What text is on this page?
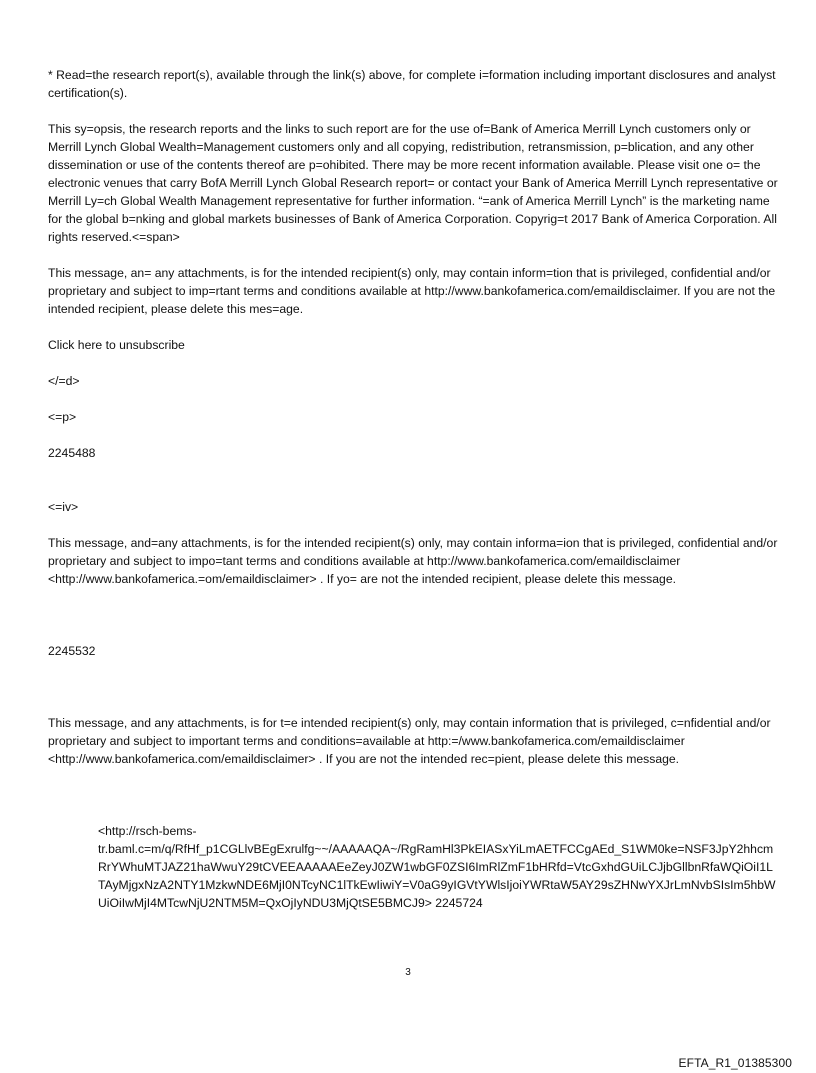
* Read=the research report(s), available through the link(s) above, for complete i=formation including important disclosures and analyst certification(s).

This sy=opsis, the research reports and the links to such report are for the use of=Bank of America Merrill Lynch customers only or Merrill Lynch Global Wealth=Management customers only and all copying, redistribution, retransmission, p=blication, and any other dissemination or use of the contents thereof are p=ohibited. There may be more recent information available. Please visit one o= the electronic venues that carry BofA Merrill Lynch Global Research report= or contact your Bank of America Merrill Lynch representative or Merrill Ly=ch Global Wealth Management representative for further information. “=ank of America Merrill Lynch” is the marketing name for the global b=nking and global markets businesses of Bank of America Corporation. Copyrig=t 2017 Bank of America Corporation. All rights reserved.<=span>

This message, an= any attachments, is for the intended recipient(s) only, may contain inform=tion that is privileged, confidential and/or proprietary and subject to imp=rtant terms and conditions available at http://www.bankofamerica.com/emaildisclaimer. If you are not the intended recipient, please delete this mes=age.

Click here to unsubscribe

</=d>

<=p>

2245488

<=iv>

This message, and=any attachments, is for the intended recipient(s) only, may contain informa=ion that is privileged, confidential and/or proprietary and subject to impo=tant terms and conditions available at http://www.bankofamerica.com/emaildisclaimer <http://www.bankofamerica.=om/emaildisclaimer> . If yo= are not the intended recipient, please delete this message.

2245532

This message, and any attachments, is for t=e intended recipient(s) only, may contain information that is privileged, c=nfidential and/or proprietary and subject to important terms and conditions=available at http:=/www.bankofamerica.com/emaildisclaimer <http://www.bankofamerica.com/emaildisclaimer> . If you are not the intended rec=pient, please delete this message.

<http://rsch-bems-tr.baml.c=m/q/RfHf_p1CGLlvBEgExrulfg~~/AAAAAQA~/RgRamHl3PkEIASxYiLmAETFCCgAEd_S1WM0ke=NSF3JpY2hhcmRrYWhuMTJAZ21haWwuY29tCVEEAAAAAEeZeyJ0ZW1wbGF0ZSI6ImRlZmF1bHRfd=VtcGxhdGUiLCJjbGllbnRfaWQiOiI1LTAyMjgxNzA2NTY1MzkwNDE6MjI0NTcyNC1lTkEwIiwiY=V0aG9yIGVtYWlsIjoiYWRtaW5AY29sZHNwYXJrLmNvbSIsIm5hbWUiOiIwMjI4MTcwNjU2NTM5M=QxOjIyNDU3MjQtSE5BMCJ9> 2245724

3
EFTA_R1_01385300
